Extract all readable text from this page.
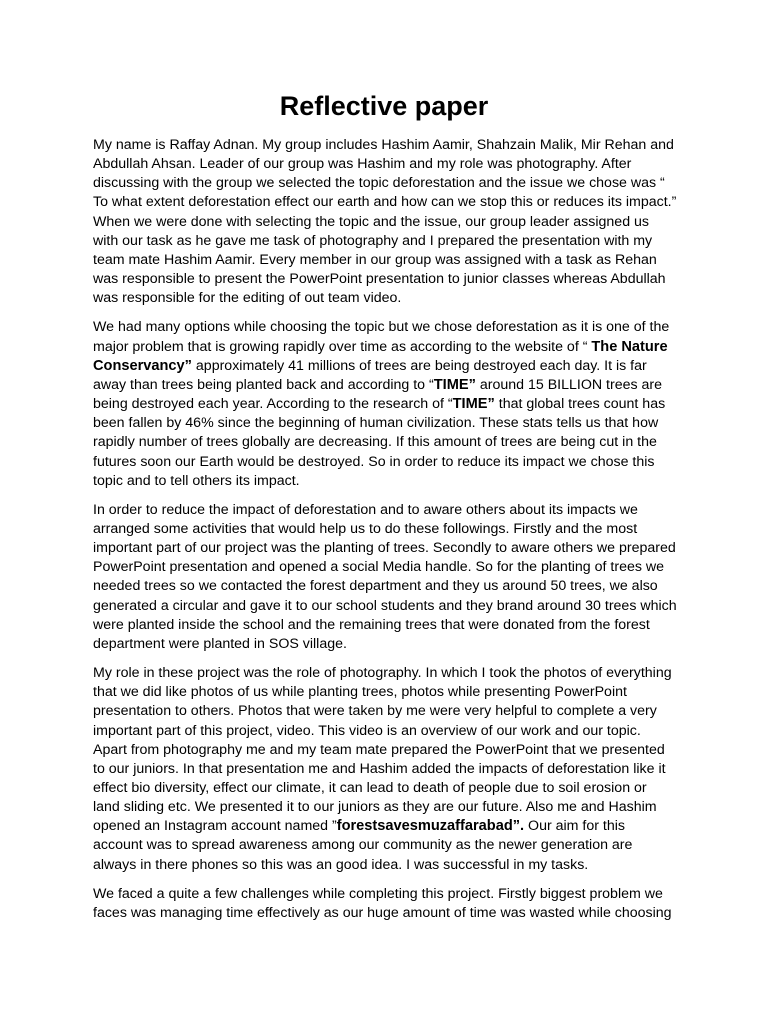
Reflective paper

My name is Raffay Adnan. My group includes Hashim Aamir, Shahzain Malik, Mir Rehan and Abdullah Ahsan. Leader of our group was Hashim and my role was photography. After discussing with the group we selected the topic deforestation and the issue we chose was “ To what extent deforestation effect our earth and how can we stop this or reduces its impact.” When we were done with selecting the topic and the issue, our group leader assigned us with our task as he gave me task of photography and I prepared the presentation with my team mate Hashim Aamir. Every member in our group was assigned with a task as Rehan was responsible to present the PowerPoint presentation to junior classes whereas Abdullah was responsible for the editing of out team video.

We had many options while choosing the topic but we chose deforestation as it is one of the major problem that is growing rapidly over time as according to the website of “ The Nature Conservancy” approximately 41 millions of trees are being destroyed each day. It is far away than trees being planted back and according to “TIME” around 15 BILLION trees are being destroyed each year. According to the research of “TIME” that global trees count has been fallen by 46% since the beginning of human civilization. These stats tells us that how rapidly number of trees globally are decreasing. If this amount of trees are being cut in the futures soon our Earth would be destroyed. So in order to reduce its impact we chose this topic and to tell others its impact.

In order to reduce the impact of deforestation and to aware others about its impacts we arranged some activities that would help us to do these followings. Firstly and the most important part of our project was the planting of trees. Secondly to aware others we prepared PowerPoint presentation and opened a social Media handle. So for the planting of trees we needed trees so we contacted the forest department and they us around 50 trees, we also generated a circular and gave it to our school students and they brand around 30 trees which were planted inside the school and the remaining trees that were donated from the forest department were planted in SOS village.

My role in these project was the role of photography. In which I took the photos of everything that we did like photos of us while planting trees, photos while presenting PowerPoint presentation to others. Photos that were taken by me were very helpful to complete a very important part of this project, video. This video is an overview of our work and our topic. Apart from photography me and my team mate prepared the PowerPoint that we presented to our juniors. In that presentation me and Hashim added the impacts of deforestation like it effect bio diversity, effect our climate, it can lead to death of people due to soil erosion or land sliding etc. We presented it to our juniors as they are our future. Also me and Hashim opened an Instagram account named ”forestsavesmuzaffarabad”. Our aim for this account was to spread awareness among our community as the newer generation are always in there phones so this was an good idea. I was successful in my tasks.

We faced a quite a few challenges while completing this project. Firstly biggest problem we faces was managing time effectively as our huge amount of time was wasted while choosing
